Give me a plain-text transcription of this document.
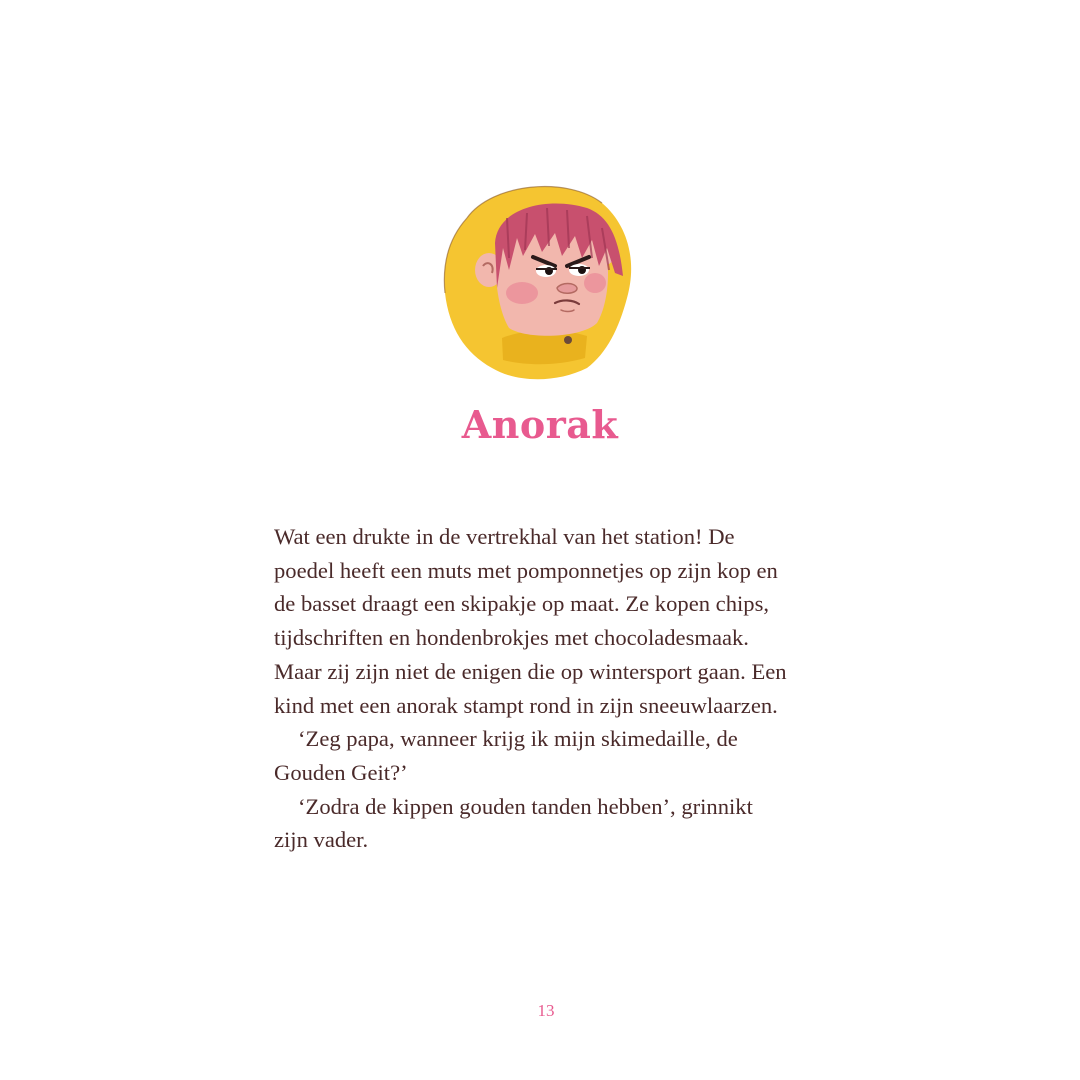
Anorak
Wat een drukte in de vertrekhal van het station! De
poedel heeft een muts met pomponnetjes op zijn kop en
de basset draagt een skipakje op maat. Ze kopen chips,
tijdschriften en hondenbrokjes met chocoladesmaak.
Maar zij zijn niet de enigen die op wintersport gaan. Een
kind met een anorak stampt rond in zijn sneeuwlaarzen.
‘Zeg papa, wanneer krijg ik mijn skimedaille, de
Gouden Geit?’
‘Zodra de kippen gouden tanden hebben’, grinnikt
zijn vader.
13
